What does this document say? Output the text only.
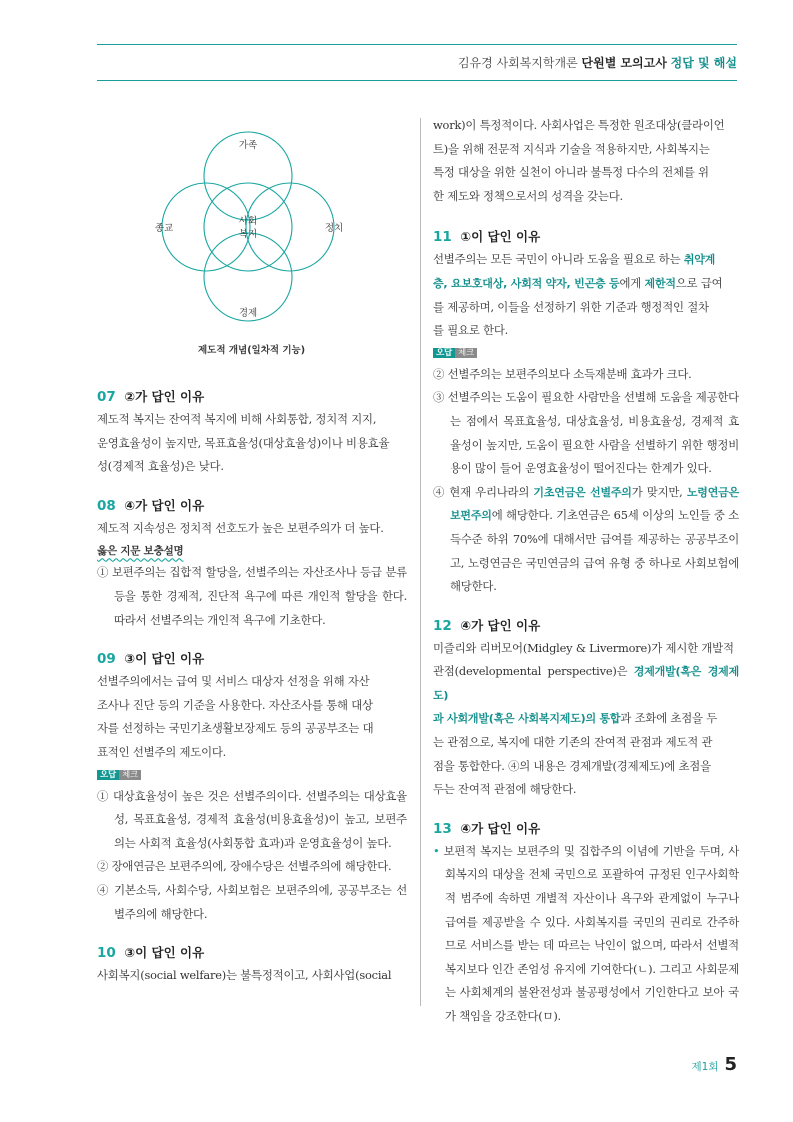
김유경 사회복지학개론 단원별 모의고사 정답 및 해설
가족
종교	정치
경제
사회
복지
제도적 개념(일차적 기능)

07 ②가 답인 이유

제도적 복지는 잔여적 복지에 비해 사회통합, 정치적 지지,

운영효율성이 높지만, 목표효율성(대상효율성)이나 비용효율

성(경제적 효율성)은 낮다.

08 ④가 답인 이유

제도적 지속성은 정치적 선호도가 높은 보편주의가 더 높다.

옳은 지문 보충설명

① 보편주의는 집합적 할당을, 선별주의는 자산조사나 등급 분류 등을 통한 경제적, 진단적 욕구에 따른 개인적 할당을 한다. 따라서 선별주의는 개인적 욕구에 기초한다.

09 ③이 답인 이유

선별주의에서는 급여 및 서비스 대상자 선정을 위해 자산

조사나 진단 등의 기준을 사용한다. 자산조사를 통해 대상

자를 선정하는 국민기초생활보장제도 등의 공공부조는 대

표적인 선별주의 제도이다.

오답 체크

① 대상효율성이 높은 것은 선별주의이다. 선별주의는 대상효율성, 목표효율성, 경제적 효율성(비용효율성)이 높고, 보편주의는 사회적 효율성(사회통합 효과)과 운영효율성이 높다.

② 장애연금은 보편주의에, 장애수당은 선별주의에 해당한다.

④ 기본소득, 사회수당, 사회보험은 보편주의에, 공공부조는 선별주의에 해당한다.

10 ③이 답인 이유

사회복지(social welfare)는 불특정적이고, 사회사업(social

work)이 특정적이다. 사회사업은 특정한 원조대상(클라이언

트)을 위해 전문적 지식과 기술을 적용하지만, 사회복지는

특정 대상을 위한 실천이 아니라 불특정 다수의 전체를 위

한 제도와 정책으로서의 성격을 갖는다.

11 ①이 답인 이유

선별주의는 모든 국민이 아니라 도움을 필요로 하는 취약계

층, 요보호대상, 사회적 약자, 빈곤층 등에게 제한적으로 급여

를 제공하며, 이들을 선정하기 위한 기준과 행정적인 절차

를 필요로 한다.

오답 체크

② 선별주의는 보편주의보다 소득재분배 효과가 크다.

③ 선별주의는 도움이 필요한 사람만을 선별해 도움을 제공한다는 점에서 목표효율성, 대상효율성, 비용효율성, 경제적 효율성이 높지만, 도움이 필요한 사람을 선별하기 위한 행정비용이 많이 들어 운영효율성이 떨어진다는 한계가 있다.

④ 현재 우리나라의 기초연금은 선별주의가 맞지만, 노령연금은 보편주의에 해당한다. 기초연금은 65세 이상의 노인들 중 소득수준 하위 70%에 대해서만 급여를 제공하는 공공부조이고, 노령연금은 국민연금의 급여 유형 중 하나로 사회보험에 해당한다.

12 ④가 답인 이유

미즐리와 리버모어(Midgley & Livermore)가 제시한 개발적

관점(developmental perspective)은 경제개발(혹은 경제제도)

과 사회개발(혹은 사회복지제도)의 통합과 조화에 초점을 두

는 관점으로, 복지에 대한 기존의 잔여적 관점과 제도적 관

점을 통합한다. ④의 내용은 경제개발(경제제도)에 초점을

두는 잔여적 관점에 해당한다.

13 ④가 답인 이유

• 보편적 복지는 보편주의 및 집합주의 이념에 기반을 두며, 사회복지의 대상을 전체 국민으로 포괄하여 규정된 인구사회학적 범주에 속하면 개별적 자산이나 욕구와 관계없이 누구나 급여를 제공받을 수 있다. 사회복지를 국민의 권리로 간주하므로 서비스를 받는 데 따르는 낙인이 없으며, 따라서 선별적 복지보다 인간 존엄성 유지에 기여한다(ㄴ). 그리고 사회문제는 사회체계의 불완전성과 불공평성에서 기인한다고 보아 국가 책임을 강조한다(ㅁ).

제1회 5
